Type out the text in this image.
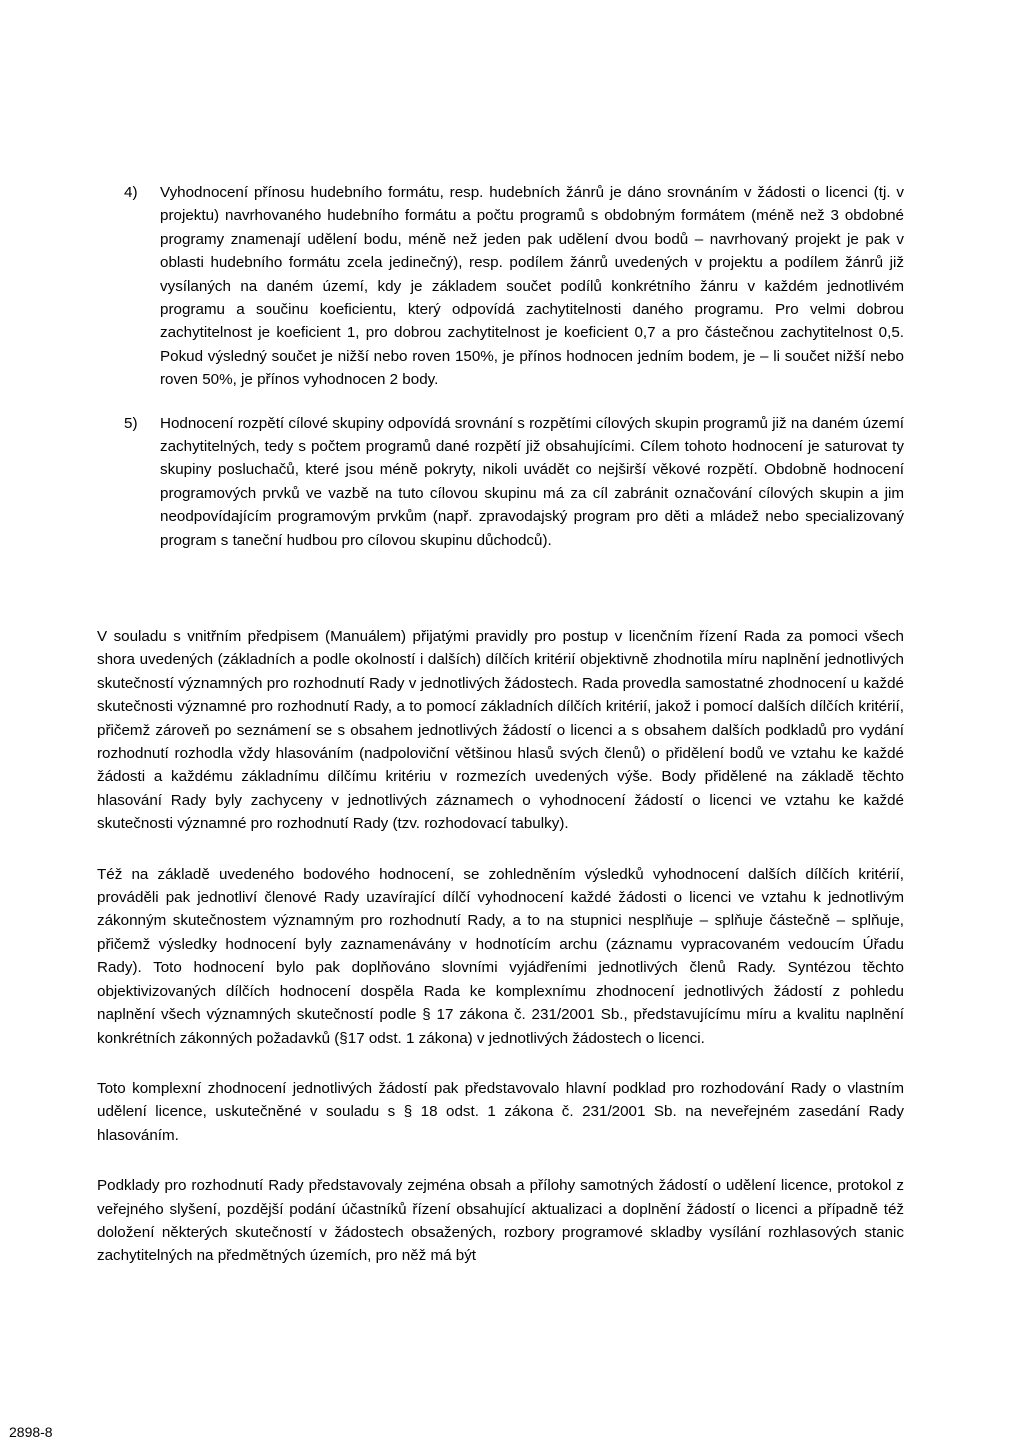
4) Vyhodnocení přínosu hudebního formátu, resp. hudebních žánrů je dáno srovnáním v žádosti o licenci (tj. v projektu) navrhovaného hudebního formátu a počtu programů s obdobným formátem (méně než 3 obdobné programy znamenají udělení bodu, méně než jeden pak udělení dvou bodů – navrhovaný projekt je pak v oblasti hudebního formátu zcela jedinečný), resp. podílem žánrů uvedených v projektu a podílem žánrů již vysílaných na daném území, kdy je základem součet podílů konkrétního žánru v každém jednotlivém programu a součinu koeficientu, který odpovídá zachytitelnosti daného programu. Pro velmi dobrou zachytitelnost je koeficient 1, pro dobrou zachytitelnost je koeficient 0,7 a pro částečnou zachytitelnost 0,5. Pokud výsledný součet je nižší nebo roven 150%, je přínos hodnocen jedním bodem, je – li součet nižší nebo roven 50%, je přínos vyhodnocen 2 body.
5) Hodnocení rozpětí cílové skupiny odpovídá srovnání s rozpětími cílových skupin programů již na daném území zachytitelných, tedy s počtem programů dané rozpětí již obsahujícími. Cílem tohoto hodnocení je saturovat ty skupiny posluchačů, které jsou méně pokryty, nikoli uvádět co nejširší věkové rozpětí. Obdobně hodnocení programových prvků ve vazbě na tuto cílovou skupinu má za cíl zabránit označování cílových skupin a jim neodpovídajícím programovým prvkům (např. zpravodajský program pro děti a mládež nebo specializovaný program s taneční hudbou pro cílovou skupinu důchodců).

V souladu s vnitřním předpisem (Manuálem) přijatými pravidly pro postup v licenčním řízení Rada za pomoci všech shora uvedených (základních a podle okolností i dalších) dílčích kritérií objektivně zhodnotila míru naplnění jednotlivých skutečností významných pro rozhodnutí Rady v jednotlivých žádostech. Rada provedla samostatné zhodnocení u každé skutečnosti významné pro rozhodnutí Rady, a to pomocí základních dílčích kritérií, jakož i pomocí dalších dílčích kritérií, přičemž zároveň po seznámení se s obsahem jednotlivých žádostí o licenci a s obsahem dalších podkladů pro vydání rozhodnutí rozhodla vždy hlasováním (nadpoloviční většinou hlasů svých členů) o přidělení bodů ve vztahu ke každé žádosti a každému základnímu dílčímu kritériu v rozmezích uvedených výše. Body přidělené na základě těchto hlasování Rady byly zachyceny v jednotlivých záznamech o vyhodnocení žádostí o licenci ve vztahu ke každé skutečnosti významné pro rozhodnutí Rady (tzv. rozhodovací tabulky).

Též na základě uvedeného bodového hodnocení, se zohledněním výsledků vyhodnocení dalších dílčích kritérií, prováděli pak jednotliví členové Rady uzavírající dílčí vyhodnocení každé žádosti o licenci ve vztahu k jednotlivým zákonným skutečnostem významným pro rozhodnutí Rady, a to na stupnici nesplňuje – splňuje částečně – splňuje, přičemž výsledky hodnocení byly zaznamenávány v hodnotícím archu (záznamu vypracovaném vedoucím Úřadu Rady). Toto hodnocení bylo pak doplňováno slovními vyjádřeními jednotlivých členů Rady. Syntézou těchto objektivizovaných dílčích hodnocení dospěla Rada ke komplexnímu zhodnocení jednotlivých žádostí z pohledu naplnění všech významných skutečností podle § 17 zákona č. 231/2001 Sb., představujícímu míru a kvalitu naplnění konkrétních zákonných požadavků (§17 odst. 1 zákona) v jednotlivých žádostech o licenci.

Toto komplexní zhodnocení jednotlivých žádostí pak představovalo hlavní podklad pro rozhodování Rady o vlastním udělení licence, uskutečněné v souladu s § 18 odst. 1 zákona č. 231/2001 Sb. na neveřejném zasedání Rady hlasováním.

Podklady pro rozhodnutí Rady představovaly zejména obsah a přílohy samotných žádostí o udělení licence, protokol z veřejného slyšení, pozdější podání účastníků řízení obsahující aktualizaci a doplnění žádostí o licenci a případně též doložení některých skutečností v žádostech obsažených, rozbory programové skladby vysílání rozhlasových stanic zachytitelných na předmětných územích, pro něž má být

2898-8
